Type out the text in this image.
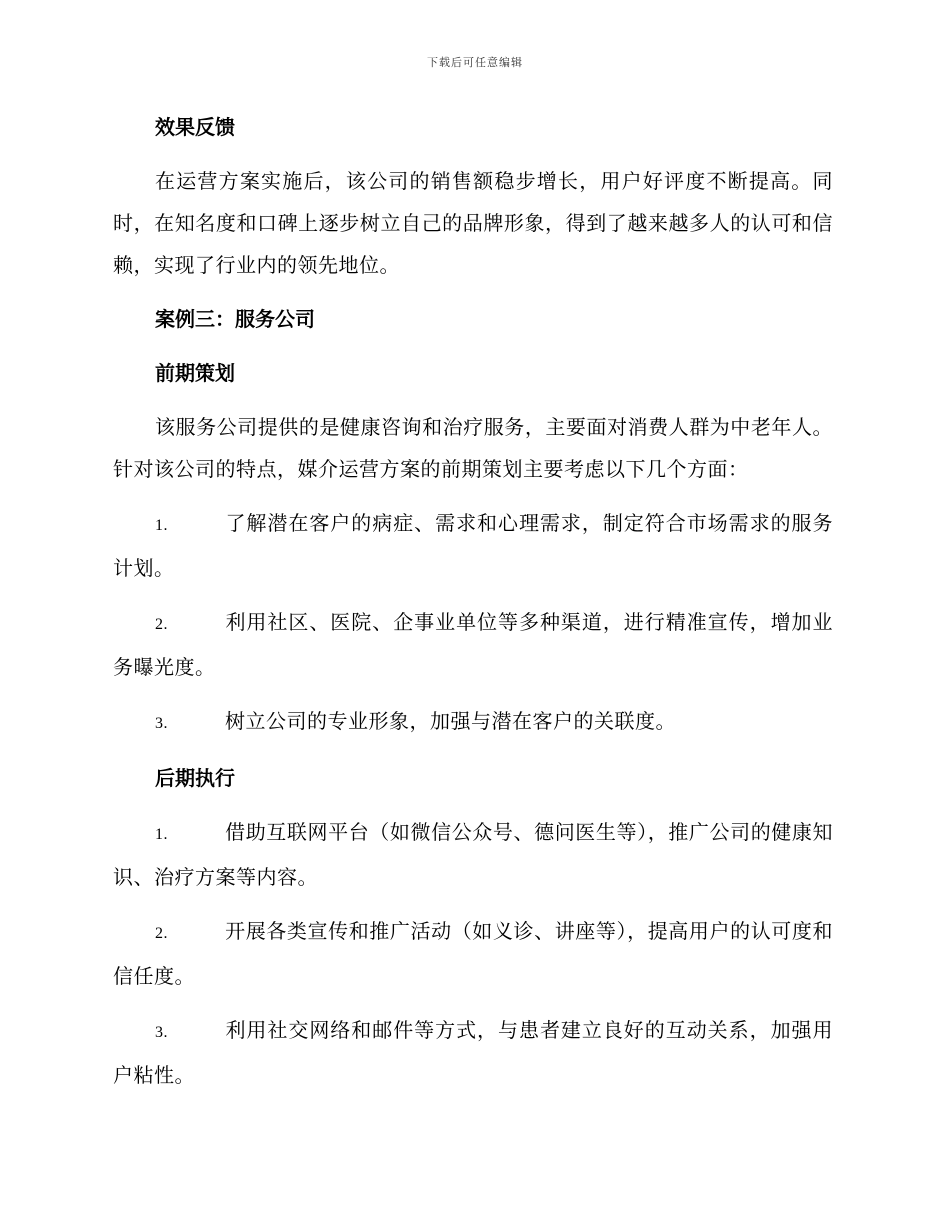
下载后可任意编辑
效果反馈

在运营方案实施后，该公司的销售额稳步增长，用户好评度不断提高。同时，在知名度和口碑上逐步树立自己的品牌形象，得到了越来越多人的认可和信赖，实现了行业内的领先地位。

案例三：服务公司
前期策划

该服务公司提供的是健康咨询和治疗服务，主要面对消费人群为中老年人。针对该公司的特点，媒介运营方案的前期策划主要考虑以下几个方面：

1.	了解潜在客户的病症、需求和心理需求，制定符合市场需求的服务计划。
2.	利用社区、医院、企事业单位等多种渠道，进行精准宣传，增加业务曝光度。
3.	树立公司的专业形象，加强与潜在客户的关联度。
后期执行
1.	借助互联网平台（如微信公众号、德问医生等），推广公司的健康知识、治疗方案等内容。
2.	开展各类宣传和推广活动（如义诊、讲座等），提高用户的认可度和信任度。
3.	利用社交网络和邮件等方式，与患者建立良好的互动关系，加强用户粘性。
